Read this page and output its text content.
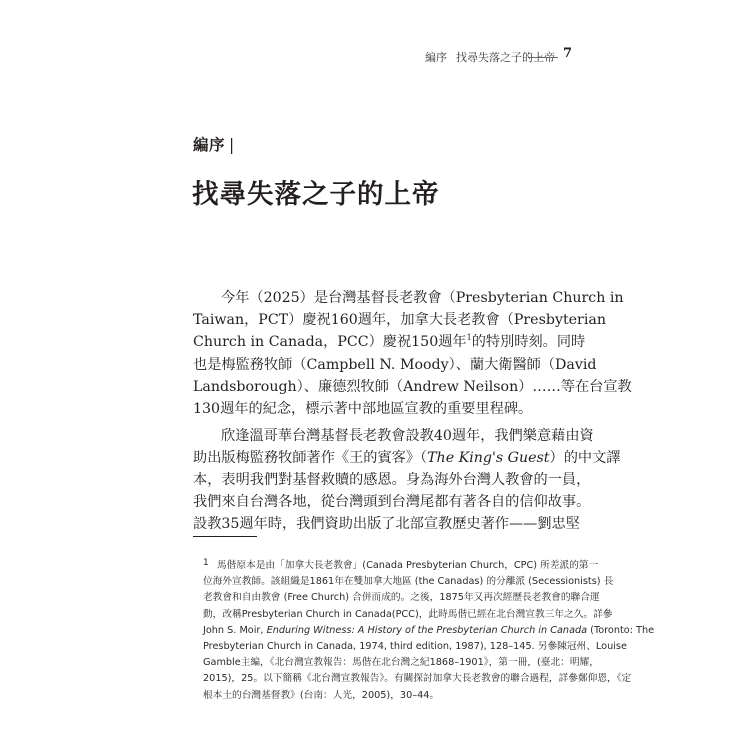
編序 找尋失落之子的上帝 7
編序 |
找尋失落之子的上帝
今年（2025）是台灣基督長老教會（Presbyterian Church in
Taiwan，PCT）慶祝160週年，加拿大長老教會（Presbyterian
Church in Canada，PCC）慶祝150週年$^1$的特別時刻。同時
也是梅監務牧師（Campbell N. Moody）、蘭大衛醫師（David
Landsborough）、廉德烈牧師（Andrew Neilson）……等在台宣教
130週年的紀念，標示著中部地區宣教的重要里程碑。
欣逢溫哥華台灣基督長老教會設教40週年，我們樂意藉由資
助出版梅監務牧師著作《王的賓客》（The King's Guest）的中文譯
本，表明我們對基督救贖的感恩。身為海外台灣人教會的一員，
我們來自台灣各地，從台灣頭到台灣尾都有著各自的信仰故事。
設教35週年時，我們資助出版了北部宣教歷史著作——劉忠堅
1 馬偕原本是由「加拿大長老教會」(Canada Presbyterian Church，CPC) 所差派的第一
位海外宣教師。該組織是1861年在雙加拿大地區 (the Canadas) 的分離派 (Secessionists) 長
老教會和自由教會 (Free Church) 合併而成的。之後，1875年又再次經歷長老教會的聯合運
動，改稱Presbyterian Church in Canada(PCC)，此時馬偕已經在北台灣宣教三年之久。詳參
John S. Moir, Enduring Witness: A History of the Presbyterian Church in Canada (Toronto: The
Presbyterian Church in Canada, 1974, third edition, 1987), 128–145. 另參陳冠州、Louise
Gamble主編，《北台灣宣教報告：馬偕在北台灣之紀1868–1901》，第一冊，(臺北：明耀，
2015)，25。以下簡稱《北台灣宣教報告》。有關探討加拿大長老教會的聯合過程，詳參鄭仰恩，《定
根本土的台灣基督教》(台南：人光，2005)，30–44。
